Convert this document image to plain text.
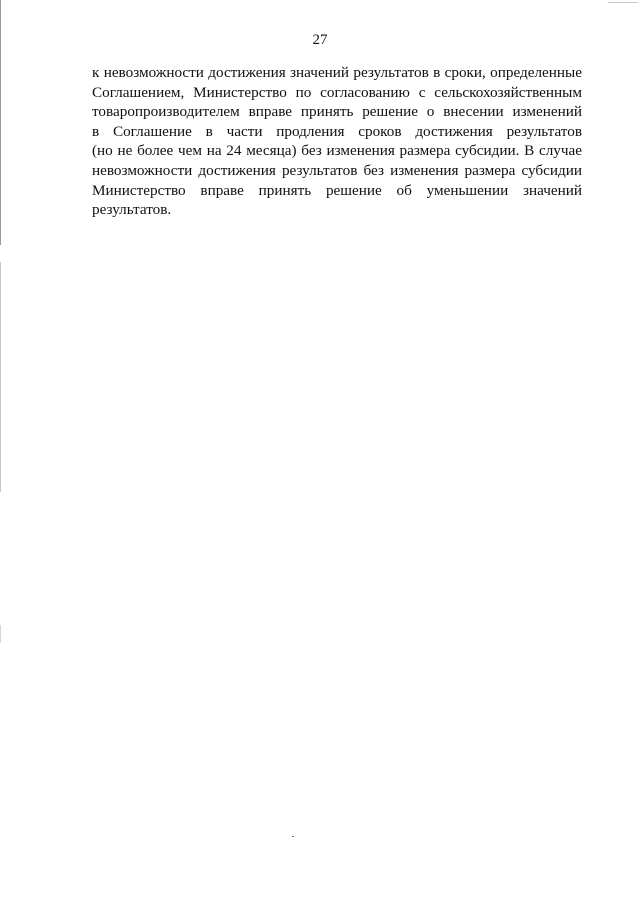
27
к невозможности достижения значений результатов в сроки, определенные
Соглашением, Министерство по согласованию с сельскохозяйственным
товаропроизводителем вправе принять решение о внесении изменений
в Соглашение в части продления сроков достижения результатов
(но не более чем на 24 месяца) без изменения размера субсидии. В случае
невозможности достижения результатов без изменения размера субсидии
Министерство вправе принять решение об уменьшении значений
результатов.
